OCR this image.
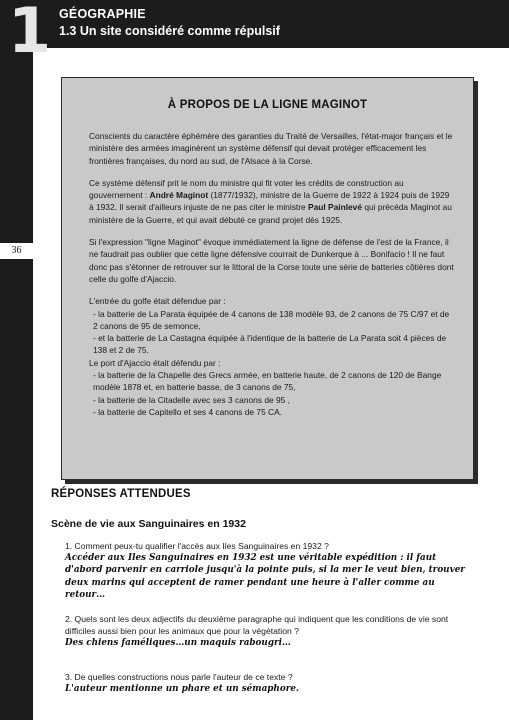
1 GÉOGRAPHIE
1.3 Un site considéré comme répulsif
36
À PROPOS DE LA LIGNE MAGINOT

Conscients du caractère éphémère des garanties du Traité de Versailles, l'état-major français et le ministère des armées imaginèrent un système défensif qui devait protéger efficacement les frontières françaises, du nord au sud, de l'Alsace à la Corse.

Ce système défensif prit le nom du ministre qui fit voter les crédits de construction au gouvernement : André Maginot (1877/1932), ministre de la Guerre de 1922 à 1924 puis de 1929 à 1932. Il serait d'ailleurs injuste de ne pas citer le ministre Paul Painlevé qui précéda Maginot au ministère de la Guerre, et qui avait débuté ce grand projet dès 1925.

Si l'expression "ligne Maginot" évoque immédiatement la ligne de défense de l'est de la France, il ne faudrait pas oublier que cette ligne défensive courrait de Dunkerque à ... Bonifacio ! Il ne faut donc pas s'étonner de retrouver sur le littoral de la Corse toute une série de batteries côtières dont celle du golfe d'Ajaccio.

L'entrée du golfe était défendue par :

- la batterie de La Parata équipée de 4 canons de 138 modèle 93, de 2 canons de 75 C/97 et de 2 canons de 95 de semonce,

- et la batterie de La Castagna équipée à l'identique de la batterie de La Parata soit 4 pièces de 138 et 2 de 75.

Le port d'Ajaccio était défendu par :

- la batterie de la Chapelle des Grecs armée, en batterie haute, de 2 canons de 120 de Bange modèle 1878 et, en batterie basse, de 3 canons de 75,

- la batterie de la Citadelle avec ses 3 canons de 95 ,

- la batterie de Capitello et ses 4 canons de 75 CA.

RÉPONSES ATTENDUES
Scène de vie aux Sanguinaires en 1932
1. Comment peux-tu qualifier l'accès aux Iles Sanguinaires en 1932 ?
Accéder aux Iles Sanguinaires en 1932 est une véritable expédition : il faut d'abord parvenir en carriole jusqu'à la pointe puis, si la mer le veut bien, trouver deux marins qui acceptent de ramer pendant une heure à l'aller comme au retour…
2. Quels sont les deux adjectifs du deuxième paragraphe qui indiquent que les conditions de vie sont difficiles aussi bien pour les animaux que pour la végétation ?
Des chiens faméliques…un maquis rabougri…
3. De quelles constructions nous parle l'auteur de ce texte ?
L'auteur mentionne un phare et un sémaphore.
